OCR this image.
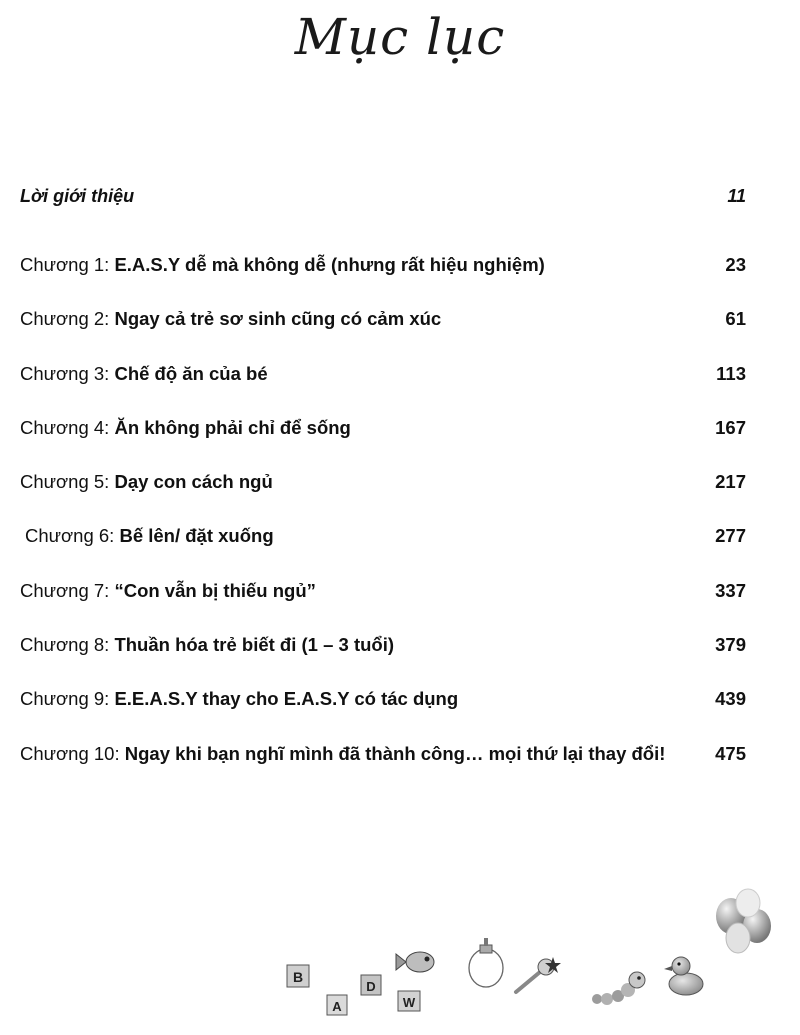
Mục lục
Lời giới thiệu	11
Chương 1: E.A.S.Y dễ mà không dễ (nhưng rất hiệu nghiệm)	23
Chương 2: Ngay cả trẻ sơ sinh cũng có cảm xúc	61
Chương 3: Chế độ ăn của bé	113
Chương 4: Ăn không phải chỉ để sống	167
Chương 5: Dạy con cách ngủ	217
Chương 6: Bế lên/ đặt xuống	277
Chương 7: “Con vẫn bị thiếu ngủ”	337
Chương 8: Thuần hóa trẻ biết đi (1 – 3 tuổi)	379
Chương 9: E.E.A.S.Y thay cho E.A.S.Y có tác dụng	439
Chương 10: Ngay khi bạn nghĩ mình đã thành công… mọi thứ lại thay đổi!	475
B
A
D
W
